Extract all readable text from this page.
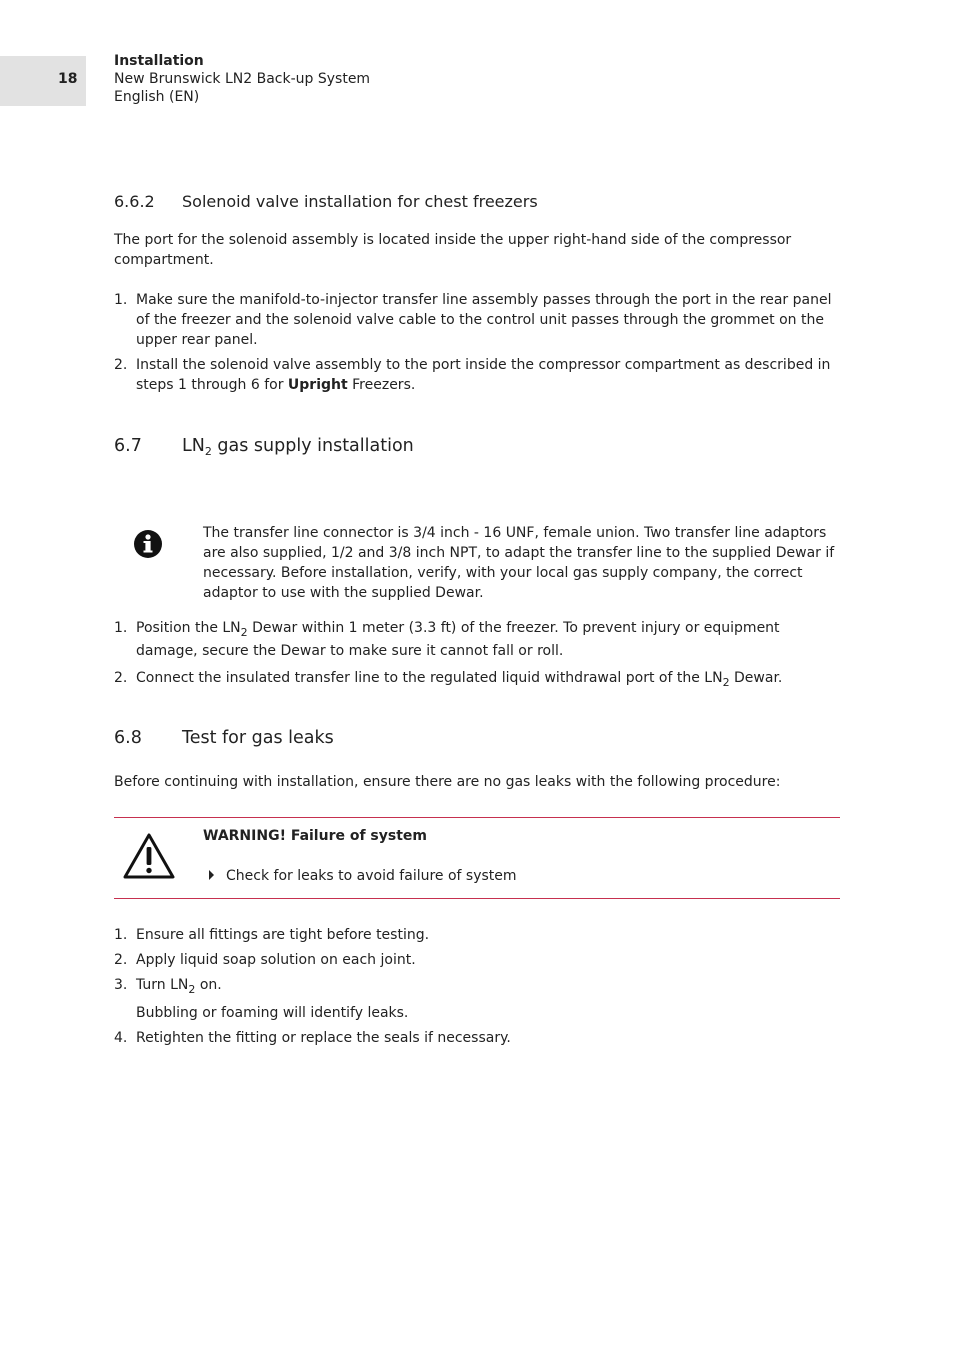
18
Installation
New Brunswick LN2 Back-up System
English (EN)
6.6.2 Solenoid valve installation for chest freezers
The port for the solenoid assembly is located inside the upper right-hand side of the compressor compartment.
1. Make sure the manifold-to-injector transfer line assembly passes through the port in the rear panel of the freezer and the solenoid valve cable to the control unit passes through the grommet on the upper rear panel.
2. Install the solenoid valve assembly to the port inside the compressor compartment as described in steps 1 through 6 for Upright Freezers.
6.7 $LN_2$ gas supply installation
The transfer line connector is 3/4 inch - 16 UNF, female union. Two transfer line adaptors are also supplied, 1/2 and 3/8 inch NPT, to adapt the transfer line to the supplied Dewar if necessary. Before installation, verify, with your local gas supply company, the correct adaptor to use with the supplied Dewar.
1. Position the $LN_2$ Dewar within 1 meter (3.3 ft) of the freezer. To prevent injury or equipment damage, secure the Dewar to make sure it cannot fall or roll.
2. Connect the insulated transfer line to the regulated liquid withdrawal port of the $LN_2$ Dewar.
6.8 Test for gas leaks
Before continuing with installation, ensure there are no gas leaks with the following procedure:
WARNING! Failure of system
Check for leaks to avoid failure of system
1. Ensure all fittings are tight before testing.
2. Apply liquid soap solution on each joint.
3. Turn $LN_2$ on.
Bubbling or foaming will identify leaks.
4. Retighten the fitting or replace the seals if necessary.
